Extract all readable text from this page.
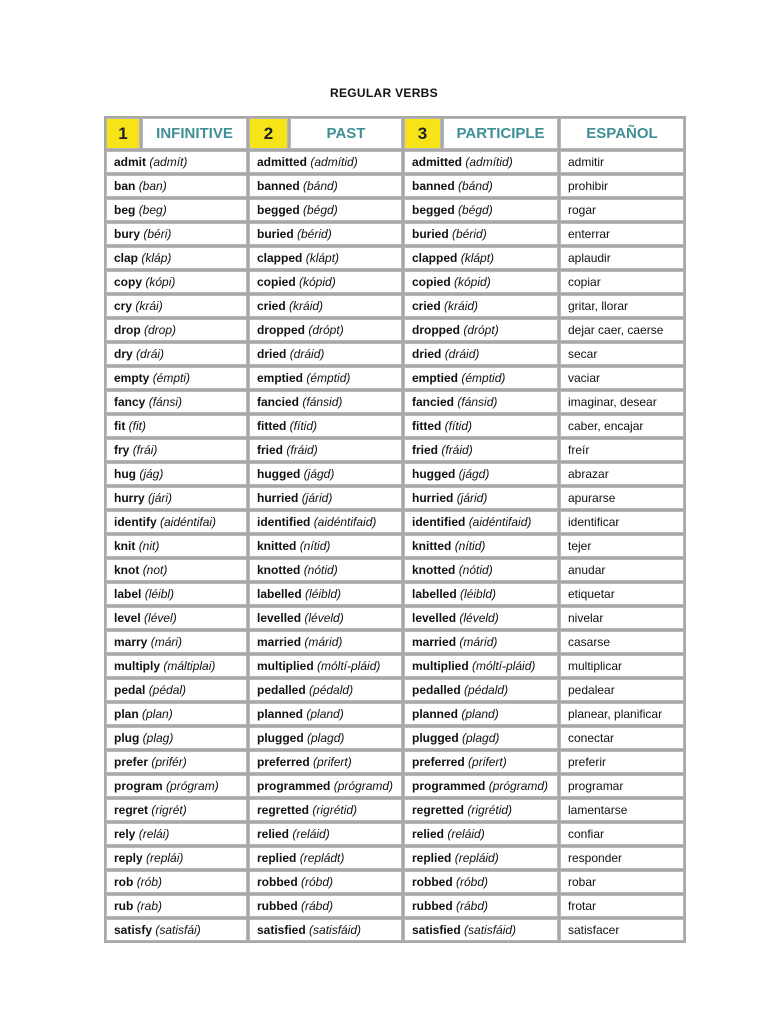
REGULAR VERBS
1	INFINITIVE	2	PAST	3	PARTICIPLE	ESPAÑOL
admit (admít)		admitted (admítid)		admitted (admítid)		admitir
ban (ban)		banned (bánd)		banned (bánd)		prohibir
beg (beg)		begged (bégd)		begged (bégd)		rogar
bury (béri)		buried (bérid)		buried (bérid)		enterrar
clap (kláp)		clapped (klápt)		clapped (klápt)		aplaudir
copy (kópi)		copied (kópid)		copied (kópid)		copiar
cry (krái)		cried (kráid)		cried (kráid)		gritar, llorar
drop (drop)		dropped (drópt)		dropped (drópt)		dejar caer, caerse
dry (drái)		dried (dráid)		dried (dráid)		secar
empty (émpti)		emptied (émptid)		emptied (émptid)		vaciar
fancy (fánsi)		fancied (fánsid)		fancied (fánsid)		imaginar, desear
fit (fit)		fitted (fítid)		fitted (fítid)		caber, encajar
fry (frái)		fried (fráid)		fried (fráid)		freír
hug (jág)		hugged (jágd)		hugged (jágd)		abrazar
hurry (jári)		hurried (járid)		hurried (járid)		apurarse
identify (aidéntifai)		identified (aidéntifaid)		identified (aidéntifaid)		identificar
knit (nit)		knitted (nítid)		knitted (nítid)		tejer
knot (not)		knotted (nótid)		knotted (nótid)		anudar
label (léibl)		labelled (léibld)		labelled (léibld)		etiquetar
level (lével)		levelled (léveld)		levelled (léveld)		nivelar
marry (mári)		married (márid)		married (márid)		casarse
multiply (máltiplai)		multiplied (móltí-pláid)		multiplied (móltí-pláid)		multiplicar
pedal (pédal)		pedalled (pédald)		pedalled (pédald)		pedalear
plan (plan)		planned (pland)		planned (pland)		planear, planificar
plug (plag)		plugged (plagd)		plugged (plagd)		conectar
prefer (prifér)		preferred (prifert)		preferred (prifert)		preferir
program (prógram)		programmed (prógramd)		programmed (prógramd)		programar
regret (rigrét)		regretted (rigrétid)		regretted (rigrétid)		lamentarse
rely (relái)		relied (reláid)		relied (reláid)		confiar
reply (replái)		replied (repládt)		replied (repláid)		responder
rob (rób)		robbed (róbd)		robbed (róbd)		robar
rub (rab)		rubbed (rábd)		rubbed (rábd)		frotar
satisfy (satisfái)		satisfied (satisfáid)		satisfied (satisfáid)		satisfacer
